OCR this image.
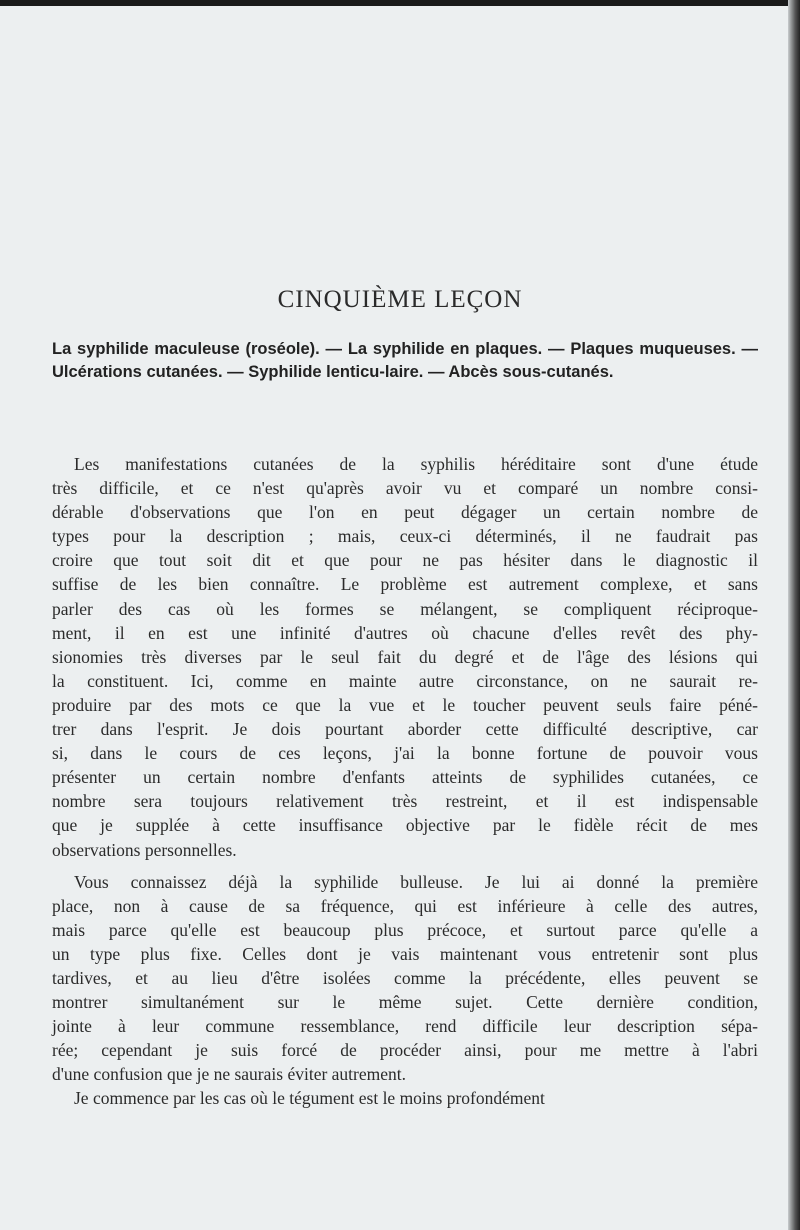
CINQUIÈME LEÇON
La syphilide maculeuse (roséole). — La syphilide en plaques. — Plaques muqueuses. — Ulcérations cutanées. — Syphilide lenticu-laire. — Abcès sous-cutanés.
Les manifestations cutanées de la syphilis héréditaire sont d'une étude
très difficile, et ce n'est qu'après avoir vu et comparé un nombre consi-
dérable d'observations que l'on en peut dégager un certain nombre de
types pour la description ; mais, ceux-ci déterminés, il ne faudrait pas
croire que tout soit dit et que pour ne pas hésiter dans le diagnostic il
suffise de les bien connaître. Le problème est autrement complexe, et sans
parler des cas où les formes se mélangent, se compliquent réciproque-
ment, il en est une infinité d'autres où chacune d'elles revêt des phy-
sionomies très diverses par le seul fait du degré et de l'âge des lésions qui
la constituent. Ici, comme en mainte autre circonstance, on ne saurait re-
produire par des mots ce que la vue et le toucher peuvent seuls faire péné-
trer dans l'esprit. Je dois pourtant aborder cette difficulté descriptive, car
si, dans le cours de ces leçons, j'ai la bonne fortune de pouvoir vous
présenter un certain nombre d'enfants atteints de syphilides cutanées, ce
nombre sera toujours relativement très restreint, et il est indispensable
que je supplée à cette insuffisance objective par le fidèle récit de mes
observations personnelles.
Vous connaissez déjà la syphilide bulleuse. Je lui ai donné la première
place, non à cause de sa fréquence, qui est inférieure à celle des autres,
mais parce qu'elle est beaucoup plus précoce, et surtout parce qu'elle a
un type plus fixe. Celles dont je vais maintenant vous entretenir sont plus
tardives, et au lieu d'être isolées comme la précédente, elles peuvent se
montrer simultanément sur le même sujet. Cette dernière condition,
jointe à leur commune ressemblance, rend difficile leur description sépa-
rée; cependant je suis forcé de procéder ainsi, pour me mettre à l'abri
d'une confusion que je ne saurais éviter autrement.
Je commence par les cas où le tégument est le moins profondément
